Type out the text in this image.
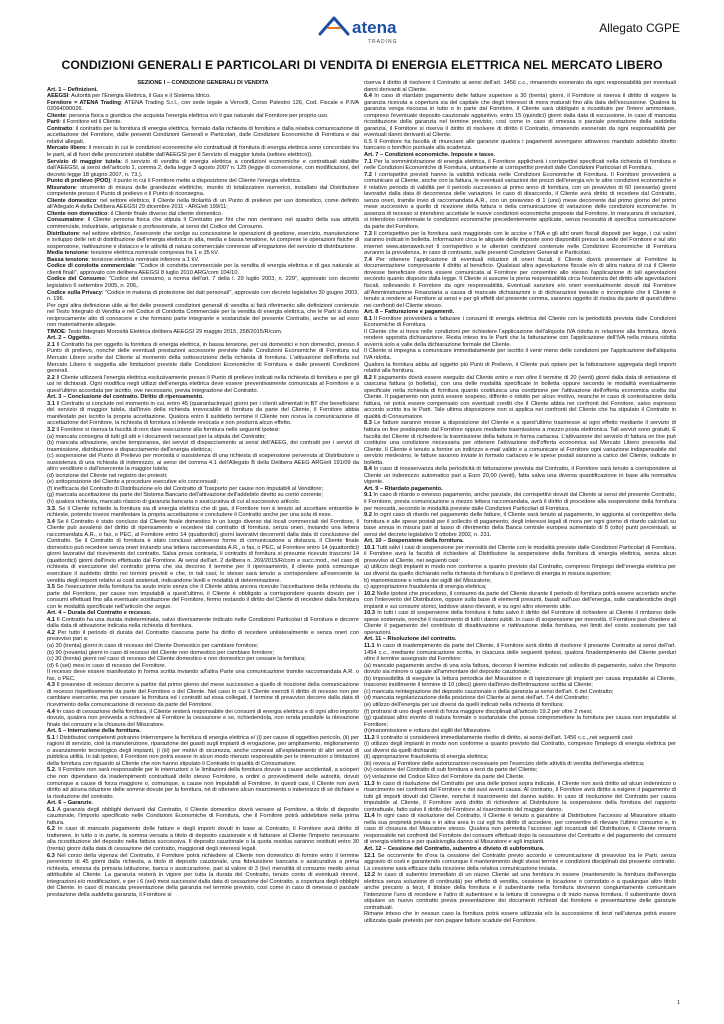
atena
TRADING
Allegato CGPE
CONDIZIONI GENERALI E PARTICOLARI DI VENDITA DI ENERGIA ELETTRICA NEL MERCATO LIBERO

SEZIONE I – CONDIZIONI GENERALI DI VENDITA

Art. 1 – Definizioni.

AEEGSI: Autorità per l'Energia Elettrica, il Gas e il Sistema Idrico.

Fornitore = ATENA Trading: ATENA Trading S.r.l., con sede legale a Vercelli, Corso Palestro 126, Cod. Fiscale e P.IVA 02064090026.

Cliente: persona fisica o giuridica che acquista l'energia elettrica e/o il gas naturale dal Fornitore per proprio uso.

Parti: il Fornitore ed il Cliente.

Contratto: il contratto per la fornitura di energia elettrica, formato dalla richiesta di fornitura e dalla relativa comunicazione di accettazione del Fornitore, dalle presenti Condizioni Generali e Particolari, dalle Condizioni Economiche di Fornitura e dai relativi allegati.

Mercato libero: il mercato in cui le condizioni economiche e/o contrattuali di fornitura di energia elettrica sono concordate tra le parti, al di fuori delle prescrizioni stabilite dall'AEEGSI per il Servizio di maggior tutela (settore elettrico)).

Servizio di maggior tutela: il servizio di vendita di energia elettrica a condizioni economiche e contrattuali stabilite dall'AEEGSI, ai sensi dell'articolo 1, comma 2, della legge 3 agosto 2007 n. 125 (legge di conversione, con modificazioni, del decreto legge 18 giugno 2007, n. 73.).

Punto di prelievo (POD): il punto in cui il Fornitore mette a disposizione del Cliente l'energia elettrica.

Misuratore: strumento di misura delle grandezze elettriche, munito di totalizzatore numerico, installato dal Distributore competente presso il Punto di prelievo o il Punto di riconsegna.

Cliente domestico: nel settore elettrico, il Cliente nella titolarità di un Punto di prelievo per uso domestico, come definito all'Allegato A della Delibera AEEGSI 29 dicembre 2011 - ARG/elt 199/11;

Cliente non domestico: il Cliente finale diverso dal cliente domestico.

Consumatore: il Cliente persona fisica che stipula il Contratto per fini che non rientrano nel quadro della sua attività commerciale, industriale, artigianale o professionale, ai sensi del Codice del Consumo.

Distributore: nel settore elettrico, l'esercente che svolge su concessione le operazioni di gestione, esercizio, manutenzione e sviluppo delle reti di distribuzione dell'energia elettrica in alta, media e bassa tensione, ivi comprese le operazioni fisiche di sospensione, riattivazione e distacco e le attività di natura commerciale connesse all'erogazione del servizio di distribuzione.

Media tensione: tensione elettrica nominale compresa fra 1 e 35 kV.

Bassa tensione: tensione elettrica nominale inferiore a 1 kV.

Codice di condotta commerciale: "Codice di condotta commerciale per la vendita di energia elettrica e di gas naturale ai clienti finali", approvato con delibera AEEGSI 8 luglio 2010 ARG/com 104/10.

Codice del Consumo: "Codice del consumo, a norma dell'art. 7 della l. 29 luglio 2003, n. 229", approvato con decreto legislativo 6 settembre 2005, n. 206,.

Codice sulla Privacy: "Codice in materia di protezione dei dati personali", approvato con decreto legislativo 30 giugno 2003, n. 196.

Per ogni altra definizione utile ai fini delle presenti condizioni generali di vendita si farà riferimento alle definizioni contenute nel Testo Integrato di Vendita e nel Codice di Condotta Commerciale per la vendita di energia elettrica, che le Parti si danno reciprocamente atto di conoscere e che formano parte integrante e sostanziale del presente Contratto, anche se ad esso non materialmente allegate.

TIMOE: Testo Integrato Morosità Elettrica delibera AEEGSI 29 maggio 2015, 258/2015/R/com.

Art. 2 – Oggetto.

2.1 Il Contratto ha per oggetto la fornitura di energia elettrica, in bassa tensione, per usi domestici e non domestici, presso il Punto di prelievo, nonché delle eventuali prestazioni accessorie previste dalle Condizioni Economiche di Fornitura sul Mercato Libero scelte dal Cliente al momento della sottoscrizione della richiesta di fornitura. L'attivazione dell'offerta sul Mercato Libero è soggetta alle limitazioni previste dalle Condizioni Economiche di Fornitura e dalle presenti Condizioni generali.

2.2 Il Cliente utilizzerà l'energia elettrica esclusivamente presso il Punto di prelievo indicati nella richiesta di fornitura e per gli usi ivi dichiarati. Ogni modifica negli utilizzi dell'energia elettrica deve essere preventivamente comunicata al Fornitore e a quest'ultimo accordata per iscritto, ove necessario, previa integrazione del Contratto.

Art. 3 – Conclusione del contratto. Diritto di ripensamento.

3.1 Il Contratto si conclude nel momento in cui, entro 45 (quarantacinque) giorni per i clienti alimentati in BT che beneficiano del servizio di maggior tutela, dall'invio della richiesta irrevocabile di fornitura da parte del Cliente, il Fornitore abbia manifestato per iscritto la propria accettazione. Qualora entro il suddetto termine il Cliente non riceva la comunicazione di accettazione del Fornitore, la richiesta di fornitura si intende revocata e non produrrà alcun effetto.

3.2 Il Fornitore si riserva la facoltà di non dare esecuzione alla fornitura nelle seguenti ipotesi:

(a) mancata consegna di tutti gli atti e i documenti necessari per la stipula del Contratto;

(b) mancata attivazione, anche temporanea, dei servizi di dispacciamento ai sensi dell'AEEG, dei contratti per i servizi di trasmissione, distribuzione e dispacciamento dell'energia elettrica;

(c) sospensione del Punto di Prelievo per morosità o sussistenza di una richiesta di sospensione pervenuta al Distributore o sussistenza di una richiesta di indennizzo, ai sensi del comma 4.1 dell'Allegato B della Delibera AEEG ARG/elt 191/09 da altro venditore o dall'esercente la maggior tutela;

(d) iscrizione del Cliente nel registro dei protesti;

(e) sottoposizione del Cliente a procedure esecutive e/o concorsuali;

(f) inefficacia del Contratto di Distribuzione e/o del Contratto di Trasporto per cause non imputabili al Venditore;

(g) mancata accettazione da parte del Sistema Bancario dell'attivazione dell'addebito diretto su conto corrente;

(h) qualora richiesta, mancato rilascio di garanzia bancaria o assicurativa di cui al successivo articolo.

3.3. Se il Cliente richiede la fornitura sia di energia elettrica che di gas, il Fornitore non è tenuto ad accettare entrambe le richieste, potendo invece manifestare la propria accettazione e concludere il Contratto anche per una sola di esse.

3.4 Se il Contratto è stato concluso dal Cliente finale domestico in un luogo diverso dai locali commerciali del Fornitore, il Cliente può avvalersi del diritto di ripensamento e recedere dal contratto di fornitura, senza oneri, inviando una lettera raccomandata A.R., o fax, o PEC, al Fornitore entro 14 (quattordici) giorni lavorativi decorrenti dalla data di conclusione del Contratto. Se il Contratto di fornitura è stato concluso attraverso forme di comunicazione a distanza, il Cliente finale domestico può recedere senza oneri inviando una lettera raccomandata A.R., o fax, o PEC, al Fornitore entro 14 (quattordici) giorni lavorativi dal ricevimento del contratto. Salva prova contraria, il contratto di fornitura si presume ricevuto trascorsi 14 (quattordici) giorni dall'invio effettuato dal Fornitore. Ai sensi dell'art. 2 delibera n. 269/2015/R/com e succ.mod., nel caso di richiesta di esecuzione del contratto prima che sia decorso il termine per il ripensamento, il cliente potrà comunque esercitare il suddetto diritto nei termini previsti e che, in tali casi, lo stesso sarà tenuto a corrispondere all'esercente la vendita degli importi relativi ai costi sostenuti, indicandone livelli e modalità di determinazione.

3.5 Se l'esecuzione della fornitura ha avuto inizio senza che il Cliente abbia ancora ricevuto l'accettazione della richiesta da parte del Fornitore, per cause non imputabili a quest'ultimo, il Cliente è obbligato a corrispondere quanto dovuto per i consumi effettuati fino alla eventuale sostituzione del Fornitore, fermo restando il diritto del Cliente di recedere dalla fornitura con le modalità specificate nell'articolo che segue.

Art. 4 – Durata del Contratto e recesso.

4.1 Il Contratto ha una durata indeterminata, salvo diversamente indicato nelle Condizioni Particolari di Fornitura e decorre dalla data di attivazione indicata nella richiesta di fornitura.

4.2 Per tutto il periodo di durata del Contratto ciascuna parte ha diritto di recedere unilateralmente e senza oneri con preavviso pari a:

(a) 30 (trenta) giorni in caso di recesso del Cliente Domestico per cambiare fornitore;

(b) 90 (novanta) giorni in caso di recesso del Cliente non domestico per cambiare fornitore;

(c) 30 (trenta) giorni nel caso di recesso del Cliente domestico e non domestico per cessare la fornitura;

(d) 6 (sei) mesi in caso di recesso del Fornitore.

Il recesso deve essere manifestato in forma scritta inviando all'altra Parte una comunicazione tramite raccomandata A.R. o fax, o PEC.

4.3 Il preavviso di recesso decorre a partire dal primo giorno del mese successivo a quello di ricezione della comunicazione di recesso rispettivamente da parte del Fornitore o del Cliente. Nel caso in cui il Cliente eserciti il diritto di recesso non per cambiare esercente, ma per cessare la fornitura ed i contratti ad essa collegati, il termine di preavviso decorre dalla data di ricevimento della comunicazione di recesso da parte del Fornitore.

4.4 In caso di cessazione della fornitura, il Cliente resterà responsabile dei consumi di energia elettrica e di ogni altro importo dovuto, qualora non provveda a richiedere al Fornitore la cessazione e se, richiedendola, non renda possibile la rilevazione finale dei consumi e la chiusura del Misuratore.

Art. 5 – Interruzione della fornitura.

5.1 I Distributori competenti potranno interrompere la fornitura di energia elettrica e/ (i) per cause di oggettivo pericolo, (ii) per ragioni di servizio, cioè la manutenzione, riparazione dei guasti sugli impianti di erogazione, per ampliamento, miglioramento o avanzamento tecnologico degli impianti, (i (iii) per motivi di sicurezza, anche connessi all'espletamento di altri servizi di pubblica utilità. In tali ipotesi, il Fornitore non potrà essere in alcun modo ritenuto responsabile per le interruzioni o limitazioni della fornitura con riguardo al Cliente che non hanno stipulato il Contratto in qualità di Consumatore.

5.2. Il Fornitore non sarà responsabile per le interruzioni o le limitazioni della fornitura dovute a cause accidentali, a scioperi che non dipendano da inadempimenti contrattuali dello stesso Fornitore, a ordini o provvedimenti delle autorità, dovuti comunque a cause di forza maggiore o, comunque, a cause non imputabili al Fornitore. In questi casi, il Cliente non avrà diritto ad alcuna riduzione delle somme dovute per la fornitura, né di ottenere alcun risarcimento o indennizzo di sé dichiare e la risoluzione del contratto.

Art. 6 – Garanzie.

6.1 A garanzia degli obblighi derivanti dal Contratto, il Cliente domestico dovrà versare al Fornitore, a titolo di deposito cauzionale, l'importo specificato nelle Condizioni Economiche di Fornitura, che il Fornitore potrà addebitare nella prima fattura.

6.2 In caso di mancato pagamento delle fatture e degli importi dovuti in base al Contratto, il Fornitore avrà diritto di trattenere, in tutto o in parte, la somma versata a titolo di deposito cauzionale e di fatturare al Cliente l'importo necessario alla ricostituzione del deposito nella fattura successiva. Il deposito cauzionale o la quota residua saranno restituiti entro 30 (trenta) giorni dalla data di cessazione del contratto, maggiorati degli interessi legali.

6.3 Nel corso della vigenza del Contratto, il Fornitore potrà richiedere al Cliente non domestico di fornire entro il termine perentorio di 45 giorni dalla richiesta, a titolo di deposito cauzionale, una fideiussione bancaria o assicurativa a prima richiesta, emessa da primaria istituzione, banca o assicurazione, pari al valore di 3 (tre) mensilità di consumo medio annui attribuibile al Cliente. La garanzia resterà in vigore per tutta la durata del Contratto, tenuto conto di eventuali rinnovi, integrazioni e/o modificazioni, e per i 6 (sei) mesi successivi dalla data di cessazione del Contratto, a copertura degli obblighi del Cliente. In caso di mancata presentazione della garanzia nel termine previsto, così come in caso di omessa o parziale prestazione della suddetta garanzia, il Fornitore si

riserva il diritto di risolvere il Contratto ai sensi dell'art. 1456 c.c., rimanendo esonerato da ogni responsabilità per eventuali danni derivanti al Cliente.

6.4 In caso di ritardato pagamento delle fatture superiore a 30 (trenta) giorni, il Fornitore si riserva il diritto di esigere la garanzia ricevuta a copertura sia del capitale che degli interessi di mora maturati fino alla data dell'escussione. Qualora la garanzia venga riscossa in tutto o in parte dal Fornitore, il Cliente sarà obbligato a ricostituire per l'intero ammontare, compreso l'eventuale deposito cauzionale aggiuntivo, entro 15 (quindici) giorni dalla data di escussione. In caso di mancata ricostituzione della garanzia nel termine previsto, così come in caso di omessa o parziale prestazione della suddetta garanzia, il Fornitore si riserva il diritto di risolvere di diritto il Contratto, rimanendo esonerato da ogni responsabilità per eventuali danni derivanti al Cliente.

6.5 Il Fornitore ha facoltà di rinunciare alle garanzie qualora i pagamenti avvengano attraverso mandato addebito diretto bancario o bonifico puntuale alla scadenza.

Art. 7 – Condizioni economiche. Imposte e tasse.

7.1 Per la somministrazione di energia elettrica, il Fornitore applicherà i corrispettivi specificati nella richiesta di fornitura e nelle Condizioni Economiche di Fornitura, unitamente ai corrispettivi previsti dalle Condizioni Particolari di Fornitura.

7.2 I corrispettivi previsti hanno la validità indicata nelle Condizioni Economiche di Fornitura. Il Fornitore provvederà a comunicare al Cliente, anche con la fattura, le eventuali variazioni dei prezzi dell'energia e/o le altre condizioni economiche e il relativo periodo di validità per il periodo successivo al primo anno di fornitura, con un preavviso di 60 (sessanta) giorni lavorativi dalla data di decorrenza delle variazioni. In caso di disaccordo, il Cliente avrà diritto di recedere dal Contratto, senza oneri, tramite invio di raccomandata A.R., con un preavviso di 1 (uno) mese decorrente dal primo giorno del primo mese successivo a quello di ricezione della fattura o della comunicazione di variazione delle condizioni economiche. In assenza di recesso si intendono accettate le nuove condizioni economiche proposte dal Fornitore. In mancanza di variazioni, si intendono confermate le condizioni economiche precedentemente applicate, senza necessità di specifica comunicazione da parte del Fornitore.

7.3 Il corrispettivo per la fornitura sarà maggiorato con le accise e l'IVA e gli altri oneri fiscali disposti per legge, i cui valori saranno indicati in bolletta. Informazioni circa le aliquote delle imposte sono disponibili presso la sede del Fornitore e sul sito internet www.atenaweb.net Il corrispettivo e le ulteriori condizioni contenute nelle Condizioni Economiche di Fornitura avranno la prevalenza, in caso di contrasto, sulle presenti Condizioni Generali e Particolari.

7.4 Per ottenere l'applicazione di eventuali riduzioni di oneri fiscali, il Cliente dovrà presentare al Fornitore la documentazione comprovante il diritto al beneficio. Qualsiasi altra agevolazione fiscale e/o di altra natura di cui il Cliente dovesse beneficiare dovrà essere comunicata al Fornitore per consentire allo stesso l'applicazione di tali agevolazioni secondo quanto disposto dalla legge. Il Cliente si assume la piena responsabilità circa l'esistenza del diritto alle agevolazioni fiscali, sollevando il Fornitore da ogni responsabilità. Eventuali sanzioni e/o oneri eventualmente dovuti dal Fornitore all'Amministrazione Finanziaria a causa di mancate dichiarazioni o di dichiarazioni inesatte o incomplete che il Cliente è tenuto a rendere al Fornitore ai sensi e per gli effetti del presente comma, saranno oggetto di rivalsa da parte di quest'ultimo nei confronti del Cliente stesso.

Art. 8 – Fatturazione e pagamenti.

8.1 Il Fornitore provvederà a fatturare i consumi di energia elettrica del Cliente con la periodicità prevista dalle Condizioni Economiche di Fornitura.

Il Cliente che si trova nelle condizioni per richiedere l'applicazione dell'aliquota IVA ridotta in relazione alla fornitura, dovrà rendere apposita dichiarazione. Resta inteso tra le Parti che la fatturazione con l'applicazione dell'IVA nella misura ridotta avverrà solo a valle della dichiarazione formale del Cliente.

Il Cliente si impegna a comunicare immediatamente per iscritto il venir meno delle condizioni per l'applicazione dell'aliquota IVA ridotta.

Qualora la fornitura abbia ad oggetto più Punti di Prelievo, il Cliente può optare per la fatturazione aggregata degli importi relativi alla fornitura.

8.2 Il pagamento dovrà essere eseguito dal Cliente entro e non oltre il termine di 20 (venti) giorni dalla data di emissione di ciascuna fattura (o bolletta), con una delle modalità specificate in bolletta oppure secondo le modalità eventualmente specificate nella richiesta di fornitura quanto costituisca una condizione per l'attivazione dell'offerta economica scelta dal Cliente. Il pagamento non potrà essere sospeso, differito o ridotto per alcun motivo, neanche in caso di contestazione della fattura, né potrà essere compensato con eventuali crediti che il Cliente abbia nei confronti del Fornitore, salvo espresso accordo scritto tra le Parti. Tale ultima disposizione non si applica nei confronti del Cliente che ha stipulato il Contratto in qualità di Consumatore.

8.3 Le fatture saranno messe a disposizione del Cliente e a quest'ultimo trasmesse al ogni effetto mediante il servizio di fattura on line predisposto dal Fornitore oppure mediante trasmissione a mezzo posta elettronica. Tali servizi sono gratuiti. È facoltà del Cliente di richiedere la trasmissione della fattura in forma cartacea. L'attivazione del servizio di fattura on line può costituire una condizione necessaria per ottenere l'attivazione dell'offerta economica sul Mercato Libero prescelta dal Cliente. Il Cliente è tenuto a fornire un indirizzo e-mail valido e a comunicare al Fornitore ogni variazione indispensabile del servizio medesimo, le fatture saranno inviate in formato cartaceo e le spese postali saranno a carico del Cliente, indicate in bolletta.

8.4 In caso di inosservanza della periodicità di fatturazione prevista dal Contratto, il Fornitore sarà tenuto a corrispondere al Cliente un indennizzo automatico pari a Euro 20,00 (venti), fatta salva una diversa quantificazione in base alla normativa vigente.

Art. 9 – Ritardato pagamento.

9.1 In caso di ritardo o omesso pagamento, anche parziale, dei corrispettivi dovuti dal Cliente ai sensi del presente Contratto, il Fornitore, previa comunicazione a mezzo lettera raccomandata, avrà il diritto di procedere alla sospensione della fornitura per morosità, secondo le modalità previste dalle Condizioni Particolari di Fornitura.

9.2 In ogni caso di ritardo nel pagamento delle fatture, il Cliente sarà tenuto al pagamento, in aggiunta al corrispettivo della fornitura e alle spese postali per il sollecito di pagamento, degli interessi legali di mora per ogni giorno di ritardo calcolati su base annua in misura pari al tasso di riferimento della Banca centrale europea aumentato di 8 (otto) punti percentuali, ai sensi del decreto legislativo 9 ottobre 2002, n. 231.

Art. 10 – Sospensione della fornitura.

10.1 Tutti salvi i casi di sospensione per morosità del Cliente con le modalità previste dalle Condizioni Particolari di Fornitura, il Fornitore avrà la facoltà di richiedere al Distributore la sospensione della fornitura di energia elettrica, senza alcun preavviso al Cliente, nei seguenti casi:

a) utilizzo degli impianti in modo non conforme a quanto previsto dal Contratto, compreso l'impiego dell'energia elettrica per usi diversi da quello dichiarato nella richiesta di fornitura o il prelievo di energia in misura superiore;

b) manomissione e rottura dei sigilli del Misuratore;

c) appropriazione fraudolenta di energia elettrica;

10.2 Nelle ipotesi che precedono, il consumo da parte del Cliente durante il periodo di fornitura potrà essere accertato anche con l'intervento del Distributore, oppure sulla base di elementi presunti, basati sull'uso dell'energia, sulle caratteristiche degli impianti e sui consumi storici, laddove siano rilevanti, e su ogni altro elemento utile.

10.3 In tutti i casi di sospensione della fornitura è fatto salvo il diritto del Fornitore di richiedere al Cliente il rimborso delle spese sostenute, nonché il risarcimento di tutti i danni subiti. In caso di sospensione per morosità, il Fornitore può chiedere al Cliente il pagamento del contributo di disattivazione e riattivazione della fornitura, nei limiti del costo sostenuto per tali operazioni.

Art. 11 – Risoluzione del contratto.

11.1 In caso di inadempimento da parte del Cliente, il Fornitore avrà diritto di risolvere il presente Contratto ai sensi dell'art. 1454 c.c., mediante comunicazione scritta, in ciascuna delle seguenti ipotesi, qualora l'inadempimento del Cliente perduri oltre il termine assegnato dal Fornitore:

(a) mancato pagamento anche di una sola fattura, decorso il termine indicato nel sollecito di pagamento, salvo che l'importo dovuto sia minore o uguale all'ammontare del deposito cauzionale;

(b) impossibilità di eseguire la lettura periodica del Misuratore o di ispezionare gli impianti per causa imputabile al Cliente, trascorso inutilmente il termine di 10 (dieci) giorni dall'invio dell'intimazione scritta al Cliente;

(c) mancata reintegrazione del deposito cauzionale o della garanzia ai sensi dell'art. 6 del Contratto;

(d) mancata regolarizzazione della posizione del Cliente ai sensi dell'art. 7.4 del Contratto;

(e) utilizzo dell'energia per usi diversi da quelli indicati nella richiesta di fornitura;

(f) protrarsi di uno degli eventi di forza maggiore disciplinati all'articolo 19.2 per oltre 2 mesi;

(g) qualsiasi altro evento di natura formale o sostanziale che possa compromettere la fornitura per causa non imputabile al Fornitore;

(h)manomissione e rottura dei sigilli del Misuratore.

11.2 Il contratto si considererà immediatamente risolto di diritto, ai sensi dell'art. 1456 c.c.,,nei seguenti casi:

(i) utilizzo degli impianti in modo non conforme a quanto previsto dal Contratto, compreso l'impiego di energia elettrica per usi diversi da quelli dichiarati;

(ii) appropriazione fraudolenta di energia elettrica;

(iii) revoca al Fornitore delle autorizzazioni necessarie per l'esercizio delle attività di vendita dell'energia elettrica;

(iv) cessione del Contratto di sub fornitura a terzi da parte del Cliente;

(v) violazione del Codice Etico del Fornitore da parte del Cliente.

11.3 In caso di risoluzione del Contratto per una delle ipotesi sopra indicate, il Cliente non avrà diritto ad alcun indennizzo o risarcimento nei confronti del Fornitore e dei suoi aventi causa. Al contrario, il Fornitore avrà diritto a esigere il pagamento di tutti gli importi dovuti dal Cliente, nonché il risarcimento del danno subito. In caso di risoluzione del Contratto per causa imputabile al Cliente, il Fornitore avrà diritto di richiedere al Distributore la sospensione della fornitura del rapporto contrattuale, fatto salvo il diritto del Fornitore al risarcimento del maggior danno.

11.4 In ogni caso di risoluzione del Contratto, il Cliente è tenuto a garantire al Distributore l'accesso al Misuratore situato nella sua proprietà privata o in altra area in cui egli ha diritto di accedere, per consentire di rilevare l'ultimo consumo e, in caso di chiusura del Misuratore stesso. Qualora non permetta l'accesso agli incaricati del Distributore, il Cliente rimarrà responsabile nei confronti del Fornitore dei consumi effettuati dopo la cessazione del Contratto e del pagamento dei consumi di energia elettrica e per qualsivoglia danno al Misuratore e agli impianti.

Art. 12 – Cessione del Contratto, subentro e divieto di subfornitura.

12.1 Se occorrente fin d'ora la cessione del Contratto previo accordo e comunicazione di preavviso tra le Parti, senza aggravio di costi e garantendo comunque il mantenimento degli stessi termini e condizioni disciplinati dal presente contratto. La cessione sarà efficace dalla ricezione della relativa comunicazione inviata.

12.2 In caso di subentro immediato di un nuovo Cliente ad una fornitura in essere (mantenendo la fornitura dell'energia elettrica senza soluzione di continuità) per effetto di vendita, cessione in locazione o comodato o a qualunque altro titolo anche precario a terzi, il titolare della fornitura e il subentrante nella fornitura dovranno congiuntamente comunicare l'intenzione l'uno di recedere e l'altro di subentrare e la lettura di consegna o di inizio nuova fornitura. Il subentrante dovrà stipulare un nuovo contratto previa presentazione dei documenti richiesti dal fornitore e presentazione delle garanzie contrattuali.

Rimane inteso che in nessun caso la fornitura potrà essere utilizzata e/o la successione di terzi nell'utenza potrà essere utilizzata quale pretesto per non pagare fatture scadute del Fornitore.

1
